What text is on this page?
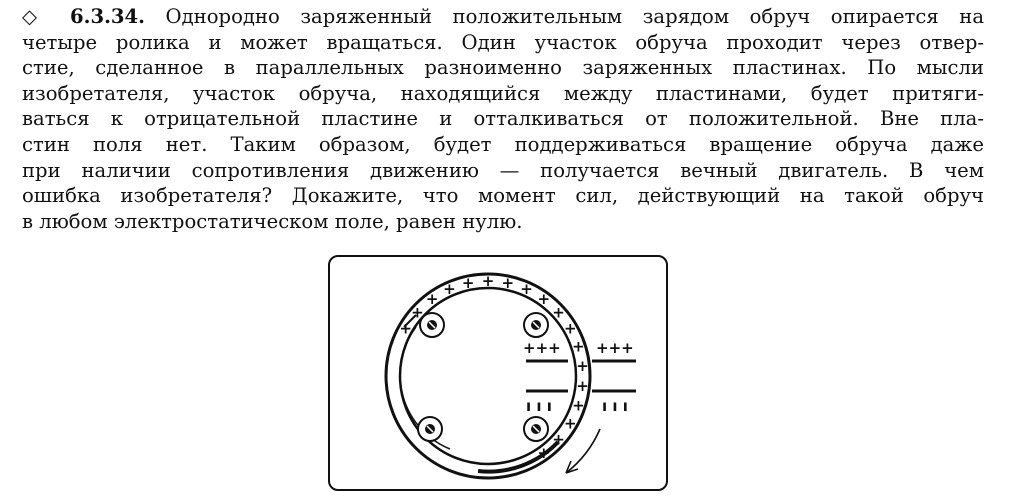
◇ 6.3.34. Однородно заряженный положительным зарядом обруч опирается на
четыре ролика и может вращаться. Один участок обруча проходит через отвер-
стие, сделанное в параллельных разноименно заряженных пластинах. По мысли
изобретателя, участок обруча, находящийся между пластинами, будет притяги-
ваться к отрицательной пластине и отталкиваться от положительной. Вне пла-
стин поля нет. Таким образом, будет поддерживаться вращение обруча даже
при наличии сопротивления движению — получается вечный двигатель. В чем
ошибка изобретателя? Докажите, что момент сил, действующий на такой обруч
в любом электростатическом поле, равен нулю.
+
+
+
+ + + + +
+
+
+
+
+
+
+
+
+
+
+++ +++
ı ı ı	ı ı ı
